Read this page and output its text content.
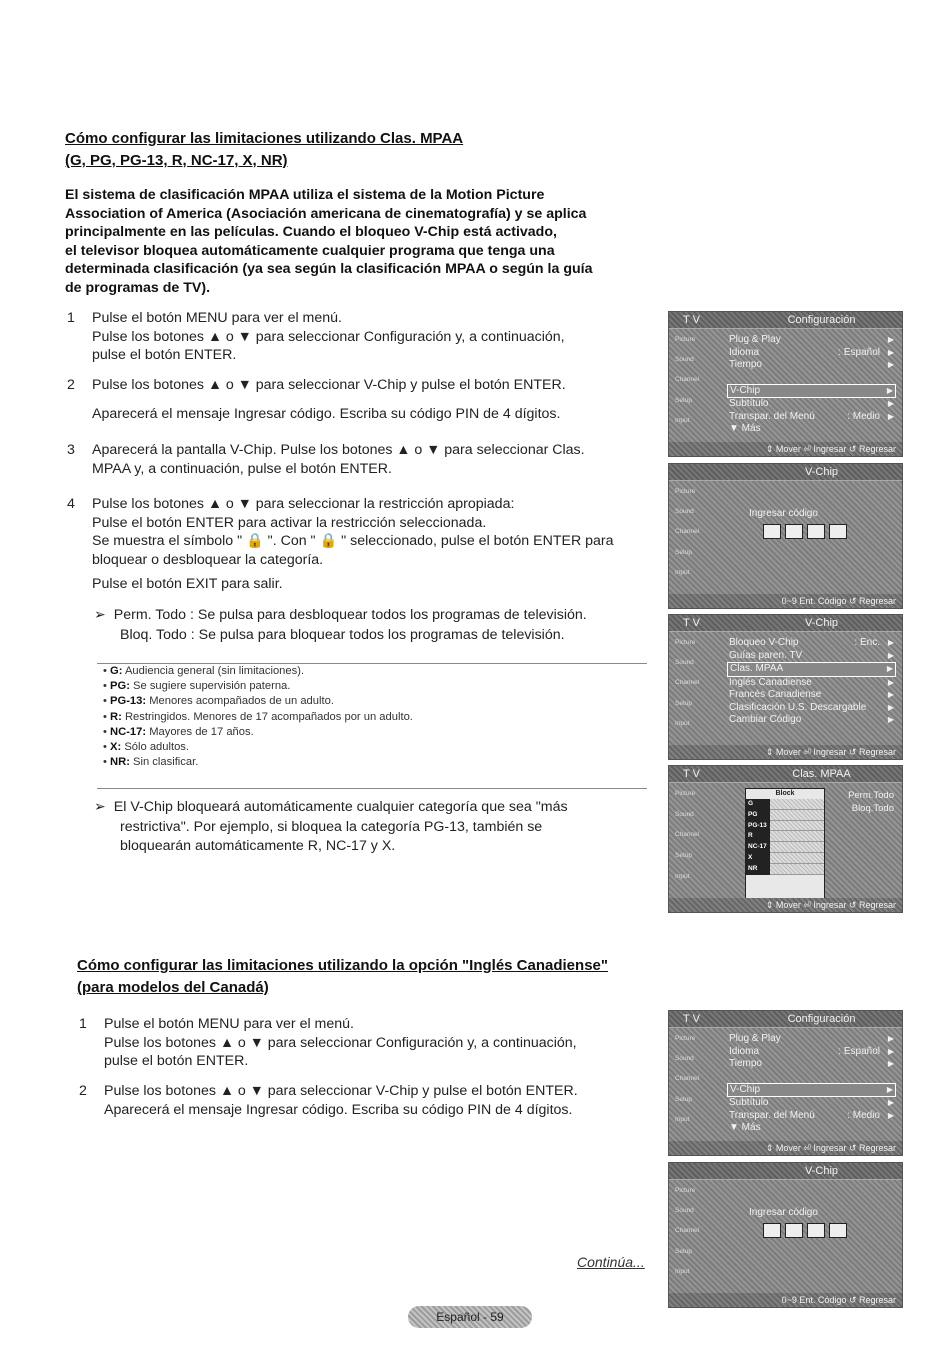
Cómo configurar las limitaciones utilizando Clas. MPAA
(G, PG, PG-13, R, NC-17, X, NR)
El sistema de clasificación MPAA utiliza el sistema de la Motion Picture
Association of America (Asociación americana de cinematografía) y se aplica
principalmente en las películas. Cuando el bloqueo V-Chip está activado,
el televisor bloquea automáticamente cualquier programa que tenga una
determinada clasificación (ya sea según la clasificación MPAA o según la guía
de programas de TV).
1 Pulse el botón MENU para ver el menú.
Pulse los botones ▲ o ▼ para seleccionar Configuración y, a continuación,
pulse el botón ENTER.
2 Pulse los botones ▲ o ▼ para seleccionar V-Chip y pulse el botón ENTER.
Aparecerá el mensaje Ingresar código. Escriba su código PIN de 4 dígitos.
3 Aparecerá la pantalla V-Chip. Pulse los botones ▲ o ▼ para seleccionar Clas.
MPAA y, a continuación, pulse el botón ENTER.
4 Pulse los botones ▲ o ▼ para seleccionar la restricción apropiada:
Pulse el botón ENTER para activar la restricción seleccionada.
Se muestra el símbolo " 🔒 ". Con " 🔒 " seleccionado, pulse el botón ENTER para
bloquear o desbloquear la categoría.
Pulse el botón EXIT para salir.
➢ Perm. Todo : Se pulsa para desbloquear todos los programas de televisión.
Bloq. Todo : Se pulsa para bloquear todos los programas de televisión.
• G: Audiencia general (sin limitaciones).
• PG: Se sugiere supervisión paterna.
• PG-13: Menores acompañados de un adulto.
• R: Restringidos. Menores de 17 acompañados por un adulto.
• NC-17: Mayores de 17 años.
• X: Sólo adultos.
• NR: Sin clasificar.
➢ El V-Chip bloqueará automáticamente cualquier categoría que sea "más
restrictiva". Por ejemplo, si bloquea la categoría PG-13, también se
bloquearán automáticamente R, NC-17 y X.
Cómo configurar las limitaciones utilizando la opción "Inglés Canadiense"
(para modelos del Canadá)
1 Pulse el botón MENU para ver el menú.
Pulse los botones ▲ o ▼ para seleccionar Configuración y, a continuación,
pulse el botón ENTER.
2 Pulse los botones ▲ o ▼ para seleccionar V-Chip y pulse el botón ENTER.
Aparecerá el mensaje Ingresar código. Escriba su código PIN de 4 dígitos.
Continúa...
Español - 59
T V	Configuración
Picture
Sound
Channel
Setup
Input
Plug & Play	▶
Idioma	: Español ▶
Tiempo	▶
V-Chip	▶
Subtítulo	▶
Transpar. del Menú	: Medio ▶
▼ Más
⇕ Mover ⏎ Ingresar ↺ Regresar
V-Chip
Picture
Sound
Channel
Setup
Input
Ingresar código
0~9 Ent. Código ↺ Regresar
T V	V-Chip
Picture
Sound
Channel
Setup
Input
Bloqueo V-Chip	: Enc. ▶
Guías paren. TV	▶
Clas. MPAA	▶
Inglés Canadiense	▶
Francés Canadiense	▶
Clasificación U.S. Descargable	▶
Cambiar Código	▶
⇕ Mover ⏎ Ingresar ↺ Regresar
T V	Clas. MPAA
Picture
Sound
Channel
Setup
Input
Block
G
PG
PG-13
R
NC-17
X
NR
Perm.Todo
Bloq.Todo
⇕ Mover ⏎ Ingresar ↺ Regresar
T V	Configuración
Picture
Sound
Channel
Setup
Input
Plug & Play	▶
Idioma	: Español ▶
Tiempo	▶
V-Chip	▶
Subtítulo	▶
Transpar. del Menú	: Medio ▶
▼ Más
⇕ Mover ⏎ Ingresar ↺ Regresar
V-Chip
Picture
Sound
Channel
Setup
Input
Ingresar código
0~9 Ent. Código ↺ Regresar
